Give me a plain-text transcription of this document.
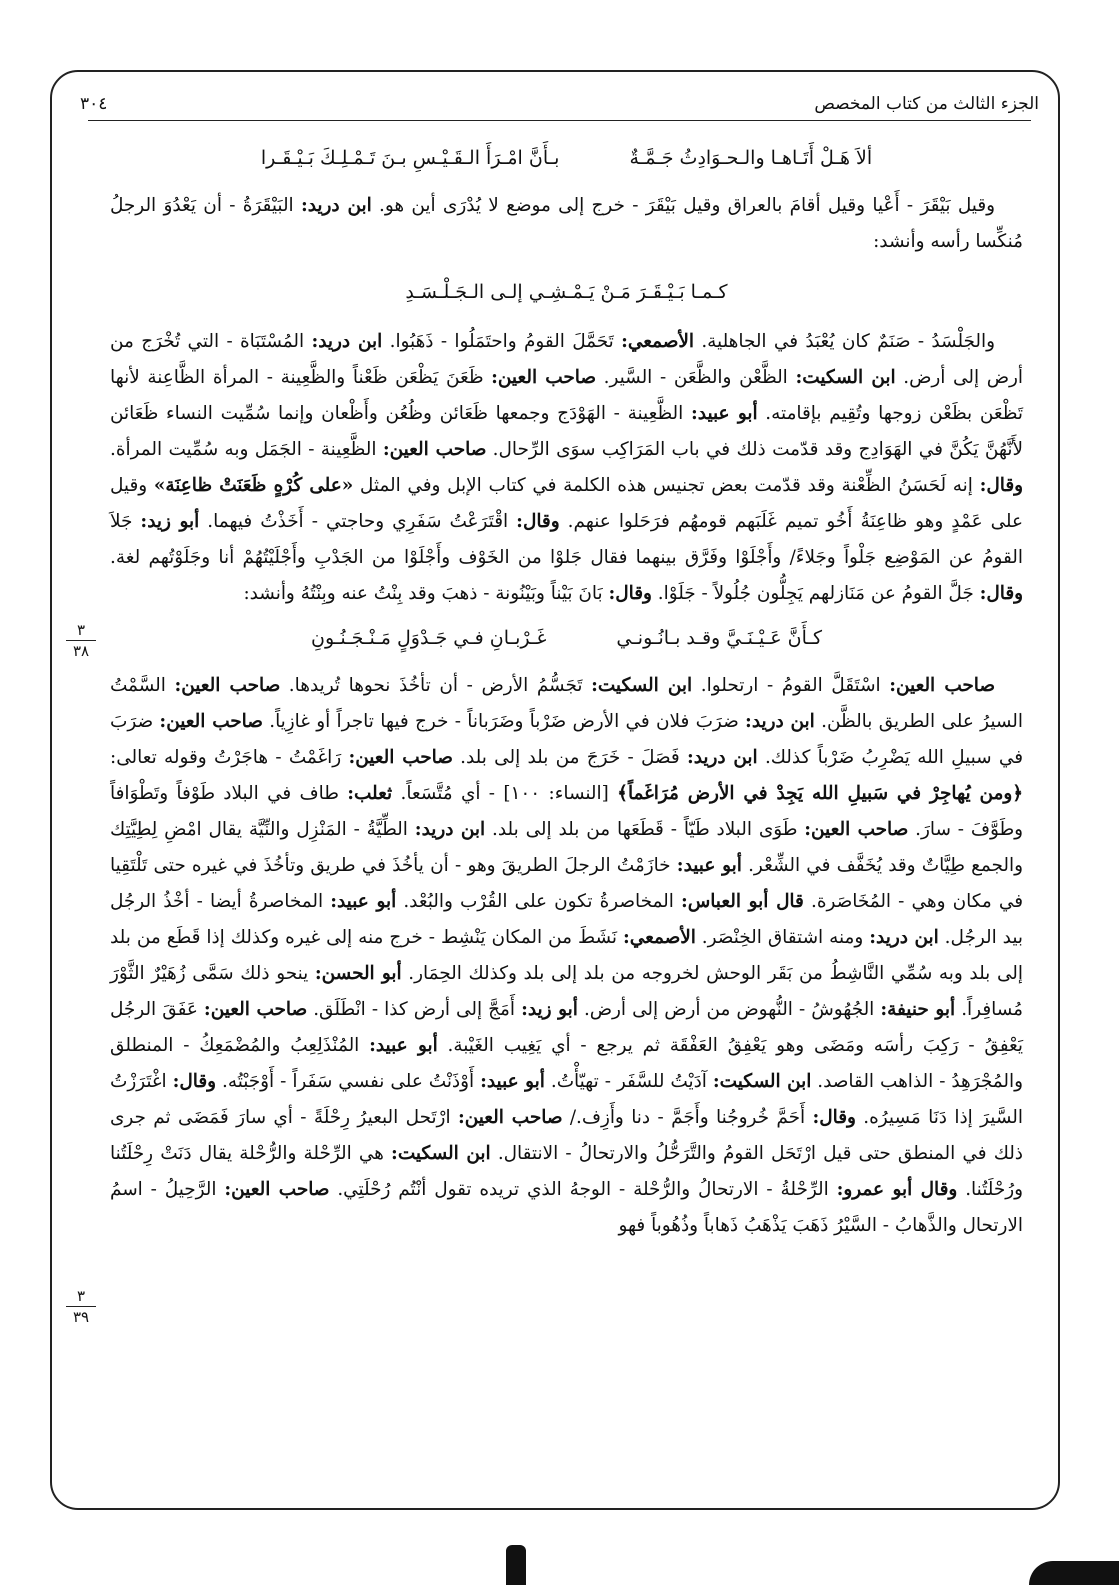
الجزء الثالث من كتاب المخصص
٣٠٤
٣
٣٨
٣
٣٩
ألاَ هَـلْ أَتَـاهـا والـحـوَادِثُ جَـمَّـةٌ
بـأَنَّ امْـرَأَ الـقَـيْـسِ بـنَ تَـمْـلِـكَ بَـيْـقَـرا

وقيل بَيْقَرَ - أَعْيا وقيل أقامَ بالعراق وقيل بَيْقَرَ - خرج إلى موضع لا يُدْرَى أين هو. ابن دريد: البَيْقَرَةُ - أن يَعْدُوَ الرجلُ مُنكِّسا رأسه وأنشد:

كـمـا بَـيْـقَـرَ مَـنْ يَـمْـشِـي إلـى الـجَـلْـسَـدِ

والجَلْسَدُ - صَنَمٌ كان يُعْبَدُ في الجاهلية. الأصمعي: تَحَمَّلَ القومُ واحتَمَلُوا - ذَهَبُوا. ابن دريد: المُسْتَبَاة - التي تُخْرَج من أرض إلى أرض. ابن السكيت: الظَّعْن والظَّعَن - السَّير. صاحب العين: ظَعَنَ يَظْعَن ظَعْناً والظَّعِينة - المرأة الظَّاعِنة لأنها تَظْعَن بظَعْن زوجها وتُقِيم بإقامته. أبو عبيد: الظَّعِينة - الهَوْدَج وجمعها ظَعَائن وظُعُن وأَظْعان وإنما سُمِّيت النساء ظَعَائن لأَنَّهُنَّ يَكُنَّ في الهَوَادِج وقد قدّمت ذلك في باب المَرَاكِب سوَى الرِّحال. صاحب العين: الظَّعِينة - الجَمَل وبه سُمِّيت المرأة. وقال: إنه لَحَسَنُ الظِّعْنة وقد قدّمت بعض تجنيس هذه الكلمة في كتاب الإبل وفي المثل «على كُرْهٍ ظَعَنَتْ ظاعِنَة» وقيل على عَمْدٍ وهو ظاعِنَةُ أَخُو تميم غَلَبَهم قومهُم فرَحَلوا عنهم. وقال: اقْتَرَعْتُ سَفَرِي وحاجتي - أَخَذْتُ فيهما. أبو زيد: جَلاَ القومُ عن المَوْضِع جَلْواً وجَلاءً/ وأَجْلَوْا وفَرَّق بينهما فقال جَلوْا من الخَوْف وأَجْلَوْا من الجَدْبِ وأَجْلَيْتُهُمْ أنا وجَلَوْتُهم لغة. وقال: جَلَّ القومُ عن مَنَازلهم يَجِلُّون جُلُولاً - جَلَوْا. وقال: بَانَ بَيْناً وبَيْنُونة - ذهبَ وقد بِنْتُ عنه وبِنْتُهُ وأنشد:

كـأَنَّ عَـيْـنَـيَّ وقـد بـانُـونـي
غَـرْبـانِ فـي جَـدْوَلٍ مَـنْـجَـنُـونِ

صاحب العين: اسْتَقَلَّ القومُ - ارتحلوا. ابن السكيت: تَجَسُّمُ الأرض - أن تأخُذَ نحوها تُريدها. صاحب العين: السَّمْتُ السيرُ على الطريق بالظَّن. ابن دريد: ضرَبَ فلان في الأرض ضَرْباً وضَرَباناً - خرج فيها تاجراً أو غازِياً. صاحب العين: ضرَبَ في سبيلِ الله يَضْرِبُ ضَرْباً كذلك. ابن دريد: فَصَلَ - خَرَجَ من بلد إلى بلد. صاحب العين: رَاغَمْتُ - هاجَرْتُ وقوله تعالى: ﴿ومن يُهاجِرْ في سَبيلِ الله يَجِدْ في الأرض مُرَاغَماً﴾ [النساء: ١٠٠] - أي مُتَّسَعاً. ثعلب: طاف في البلاد طَوْفاً وتَطْوَافاً وطَوَّفَ - سارَ. صاحب العين: طَوَى البلاد طَيّاً - قَطَعَها من بلد إلى بلد. ابن دريد: الطِّيَّةُ - المَنْزِل والنِّيَّة يقال امْضِ لِطِيَّتِك والجمع طِيَّاتٌ وقد يُخَفَّف في الشِّعْر. أبو عبيد: خازَمْتُ الرجلَ الطريقَ وهو - أن يأخُذَ في طريق وتأخُذَ في غيره حتى تَلْتَقِيا في مكان وهي - المُخَاصَرة. قال أبو العباس: المخاصرةُ تكون على القُرْب والبُعْد. أبو عبيد: المخاصرةُ أيضا - أخْذُ الرجُل بيد الرجُل. ابن دريد: ومنه اشتقاق الخِنْصَر. الأصمعي: نَشَطَ من المكان يَنْشِط - خرج منه إلى غيره وكذلك إذا قَطَع من بلد إلى بلد وبه سُمِّي النَّاشِطُ من بَقَر الوحش لخروجه من بلد إلى بلد وكذلك الحِمَار. أبو الحسن: ينحو ذلك سَمَّى زُهَيْرٌ الثَّوْرَ مُسافِراً. أبو حنيفة: الجُهُوشُ - النُّهوض من أرض إلى أرض. أبو زيد: أَمَجَّ إلى أرض كذا - انْطَلَق. صاحب العين: عَفَقَ الرجُل يَعْفِقُ - رَكِبَ رأسَه ومَضَى وهو يَعْفِقُ العَفْقَة ثم يرجع - أي يَغِيب الغَيْبة. أبو عبيد: المُنْذَلِعِبُ والمُضْمَعِكُ - المنطلق والمُجْرَهِدُ - الذاهب القاصد. ابن السكيت: آدَيْتُ للسَّفَر - تهيّأْتُ. أبو عبيد: أَوْذَنْتُ على نفسي سَفَراً - أَوْجَبْتُه. وقال: اغْتَرَزْتُ السَّيرَ إذا دَنَا مَسِيرُه. وقال: أَحَمَّ خُروجُنا وأَجَمَّ - دنا وأَزِف./ صاحب العين: ارْتَحل البعيرُ رِحْلَةً - أي سارَ فَمَضَى ثم جرى ذلك في المنطق حتى قيل ارْتَحَل القومُ والتَّرَحُّلُ والارتحالُ - الانتقال. ابن السكيت: هي الرِّحْلة والرُّحْلة يقال دَنَتْ رِحْلَتُنا ورُحْلَتُنا. وقال أبو عمرو: الرِّحْلةُ - الارتحالُ والرُّحْلة - الوجهُ الذي تريده تقول أنْتُم رُحْلَتِي. صاحب العين: الرَّحِيلُ - اسمُ الارتحال والذَّهابُ - السَّيْرُ ذَهَبَ يَذْهَبُ ذَهاباً وذُهُوباً فهو
